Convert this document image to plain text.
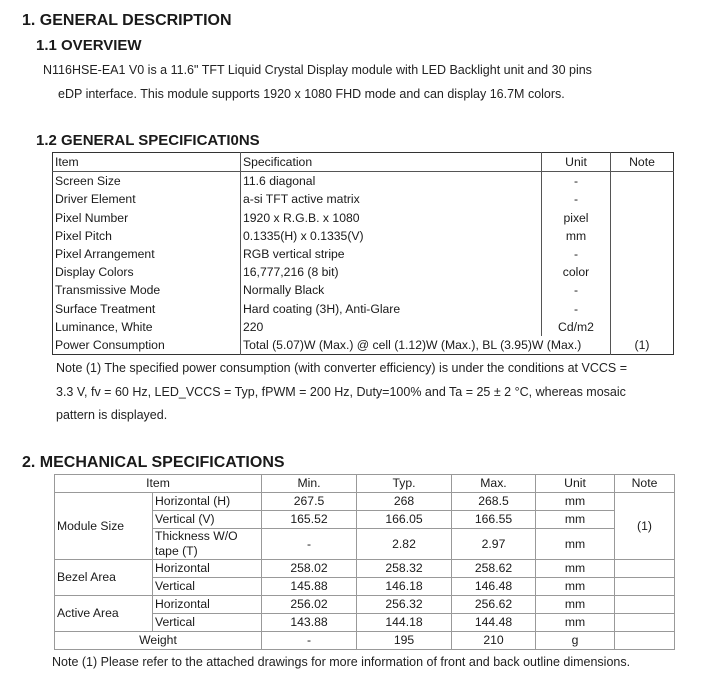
1. GENERAL DESCRIPTION
1.1 OVERVIEW
N116HSE-EA1 V0 is a 11.6" TFT Liquid Crystal Display module with LED Backlight unit and 30 pins
eDP interface. This module supports 1920 x 1080 FHD mode and can display 16.7M colors.
1.2 GENERAL SPECIFICATI0NS
Item	Specification	Unit	Note
Screen Size	11.6 diagonal	-	
Driver Element	a-si TFT active matrix	-	
Pixel Number	1920 x R.G.B. x 1080	pixel	
Pixel Pitch	0.1335(H) x 0.1335(V)	mm	
Pixel Arrangement	RGB vertical stripe	-	
Display Colors	16,777,216 (8 bit)	color	
Transmissive Mode	Normally Black	-	
Surface Treatment	Hard coating (3H), Anti-Glare	-	
Luminance, White	220	Cd/m2	
Power Consumption	Total (5.07)W (Max.) @ cell (1.12)W (Max.), BL (3.95)W (Max.)		(1)
Note (1) The specified power consumption (with converter efficiency) is under the conditions at VCCS =
3.3 V, fv = 60 Hz, LED_VCCS = Typ, fPWM = 200 Hz, Duty=100% and Ta = 25 ± 2 °C, whereas mosaic
pattern is displayed.
2. MECHANICAL SPECIFICATIONS
Item		Min.	Typ.	Max.	Unit	Note
Module Size	Horizontal (H)	267.5	268	268.5	mm	(1)
	Vertical (V)	165.52	166.05	166.55	mm	
	Thickness W/O
tape (T)	-	2.82	2.97	mm	
Bezel Area	Horizontal	258.02	258.32	258.62	mm	
	Vertical	145.88	146.18	146.48	mm	
Active Area	Horizontal	256.02	256.32	256.62	mm	
	Vertical	143.88	144.18	144.48	mm	
Weight		-	195	210	g	
Note (1) Please refer to the attached drawings for more information of front and back outline dimensions.
